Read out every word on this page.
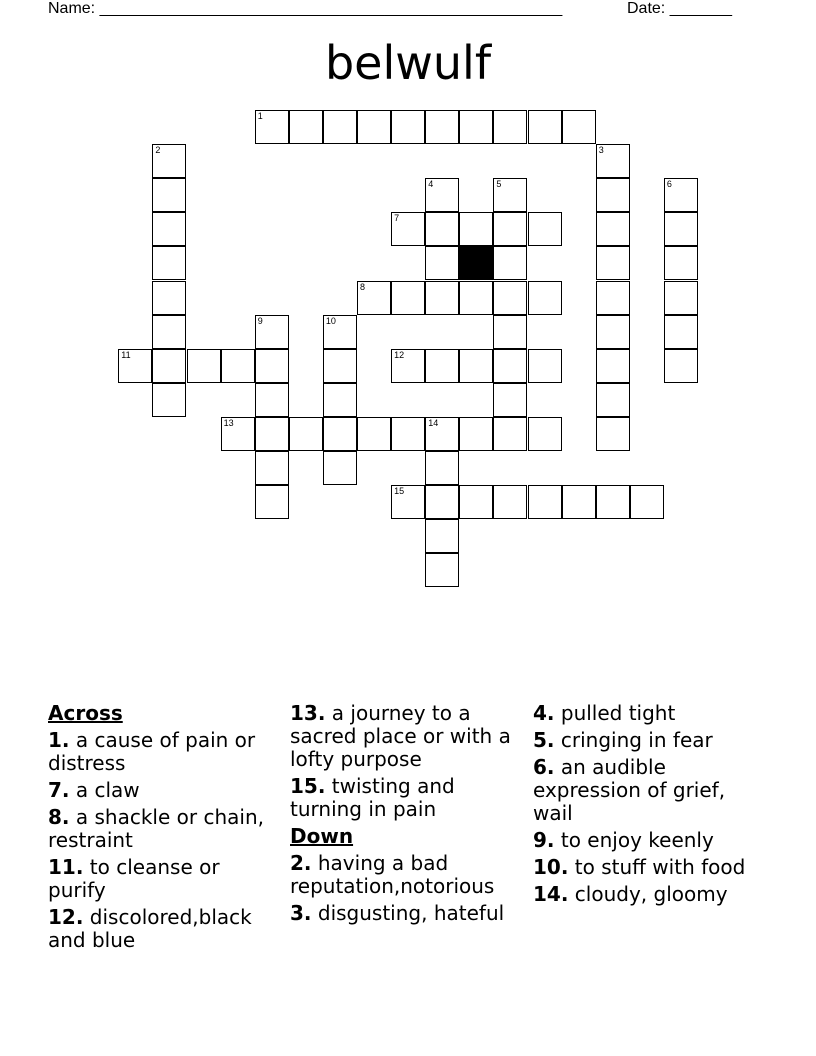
Name: ____________________________________________________	Date: _______
belwulf
1
2	3
4	5	6
7
8
9	10
11	12
13	14
15
Across
1. a cause of pain or distress
7. a claw
8. a shackle or chain, restraint
11. to cleanse or purify
12. discolored,black and blue
13. a journey to a sacred place or with a lofty purpose
15. twisting and turning in pain
Down
2. having a bad reputation,notorious
3. disgusting, hateful
4. pulled tight
5. cringing in fear
6. an audible expression of grief, wail
9. to enjoy keenly
10. to stuff with food
14. cloudy, gloomy
